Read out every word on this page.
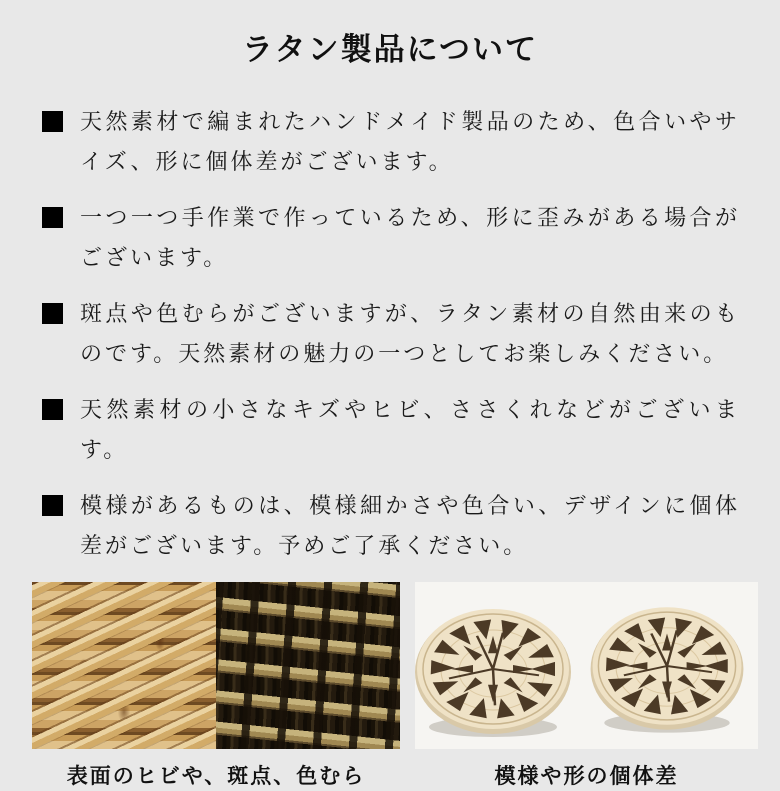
ラタン製品について

天然素材で編まれたハンドメイド製品のため、色合いやサイズ、形に個体差がございます。

一つ一つ手作業で作っているため、形に歪みがある場合がございます。

斑点や色むらがございますが、ラタン素材の自然由来のものです。天然素材の魅力の一つとしてお楽しみください。

天然素材の小さなキズやヒビ、ささくれなどがございます。

模様があるものは、模様細かさや色合い、デザインに個体差がございます。予めご了承ください。

表面のヒビや、斑点、色むら	模様や形の個体差
